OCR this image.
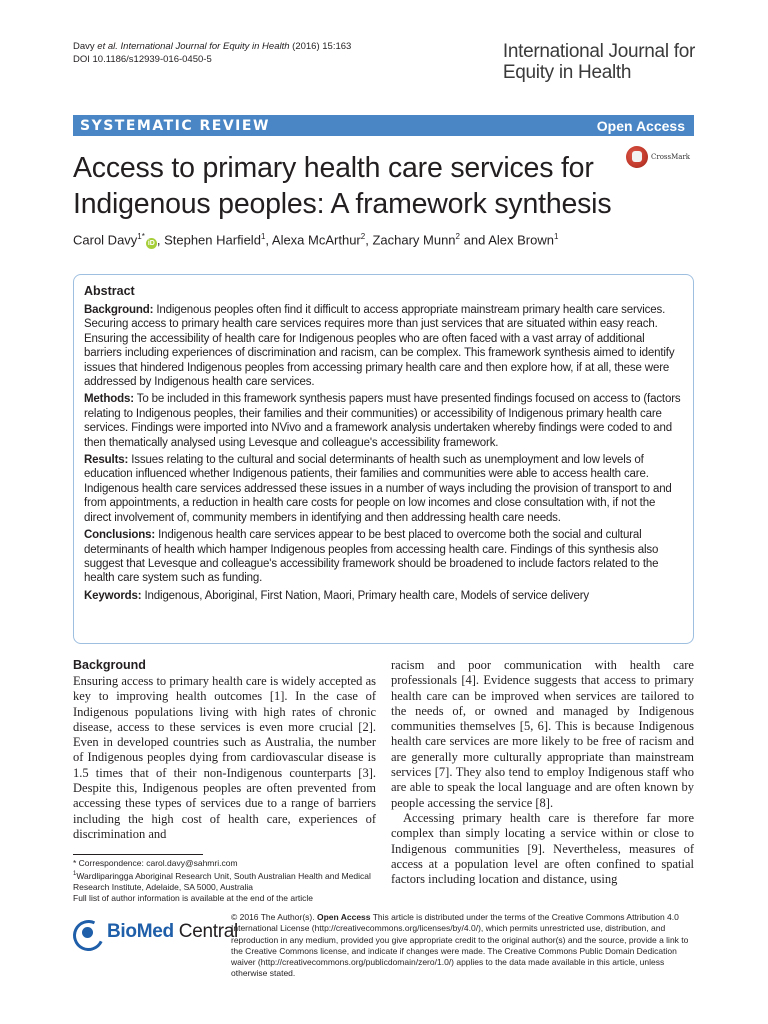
Davy et al. International Journal for Equity in Health (2016) 15:163
DOI 10.1186/s12939-016-0450-5	International Journal for
Equity in Health
SYSTEMATIC REVIEW	Open Access
Access to primary health care services for Indigenous peoples: A framework synthesis
CrossMark
Carol Davy$^{1*}$iD , Stephen Harfield$^1$, Alexa McArthur$^2$, Zachary Munn$^2$ and Alex Brown$^1$
Abstract

Background: Indigenous peoples often find it difficult to access appropriate mainstream primary health care services. Securing access to primary health care services requires more than just services that are situated within easy reach. Ensuring the accessibility of health care for Indigenous peoples who are often faced with a vast array of additional barriers including experiences of discrimination and racism, can be complex. This framework synthesis aimed to identify issues that hindered Indigenous peoples from accessing primary health care and then explore how, if at all, these were addressed by Indigenous health care services.

Methods: To be included in this framework synthesis papers must have presented findings focused on access to (factors relating to Indigenous peoples, their families and their communities) or accessibility of Indigenous primary health care services. Findings were imported into NVivo and a framework analysis undertaken whereby findings were coded to and then thematically analysed using Levesque and colleague's accessibility framework.

Results: Issues relating to the cultural and social determinants of health such as unemployment and low levels of education influenced whether Indigenous patients, their families and communities were able to access health care. Indigenous health care services addressed these issues in a number of ways including the provision of transport to and from appointments, a reduction in health care costs for people on low incomes and close consultation with, if not the direct involvement of, community members in identifying and then addressing health care needs.

Conclusions: Indigenous health care services appear to be best placed to overcome both the social and cultural determinants of health which hamper Indigenous peoples from accessing health care. Findings of this synthesis also suggest that Levesque and colleague's accessibility framework should be broadened to include factors related to the health care system such as funding.

Keywords: Indigenous, Aboriginal, First Nation, Maori, Primary health care, Models of service delivery

Background

Ensuring access to primary health care is widely accepted as key to improving health outcomes [1]. In the case of Indigenous populations living with high rates of chronic disease, access to these services is even more crucial [2]. Even in developed countries such as Australia, the number of Indigenous peoples dying from cardiovascular disease is 1.5 times that of their non-Indigenous counterparts [3]. Despite this, Indigenous peoples are often prevented from accessing these types of services due to a range of barriers including the high cost of health care, experiences of discrimination and

racism and poor communication with health care professionals [4]. Evidence suggests that access to primary health care can be improved when services are tailored to the needs of, or owned and managed by Indigenous communities themselves [5, 6]. This is because Indigenous health care services are more likely to be free of racism and are generally more culturally appropriate than mainstream services [7]. They also tend to employ Indigenous staff who are able to speak the local language and are often known by people accessing the service [8].

Accessing primary health care is therefore far more complex than simply locating a service within or close to Indigenous communities [9]. Nevertheless, measures of access at a population level are often confined to spatial factors including location and distance, using

* Correspondence: carol.davy@sahmri.com
$^1$Wardliparingga Aboriginal Research Unit, South Australian Health and Medical Research Institute, Adelaide, SA 5000, Australia
Full list of author information is available at the end of the article
BioMed Central
© 2016 The Author(s). Open Access This article is distributed under the terms of the Creative Commons Attribution 4.0 International License (http://creativecommons.org/licenses/by/4.0/), which permits unrestricted use, distribution, and reproduction in any medium, provided you give appropriate credit to the original author(s) and the source, provide a link to the Creative Commons license, and indicate if changes were made. The Creative Commons Public Domain Dedication waiver (http://creativecommons.org/publicdomain/zero/1.0/) applies to the data made available in this article, unless otherwise stated.
